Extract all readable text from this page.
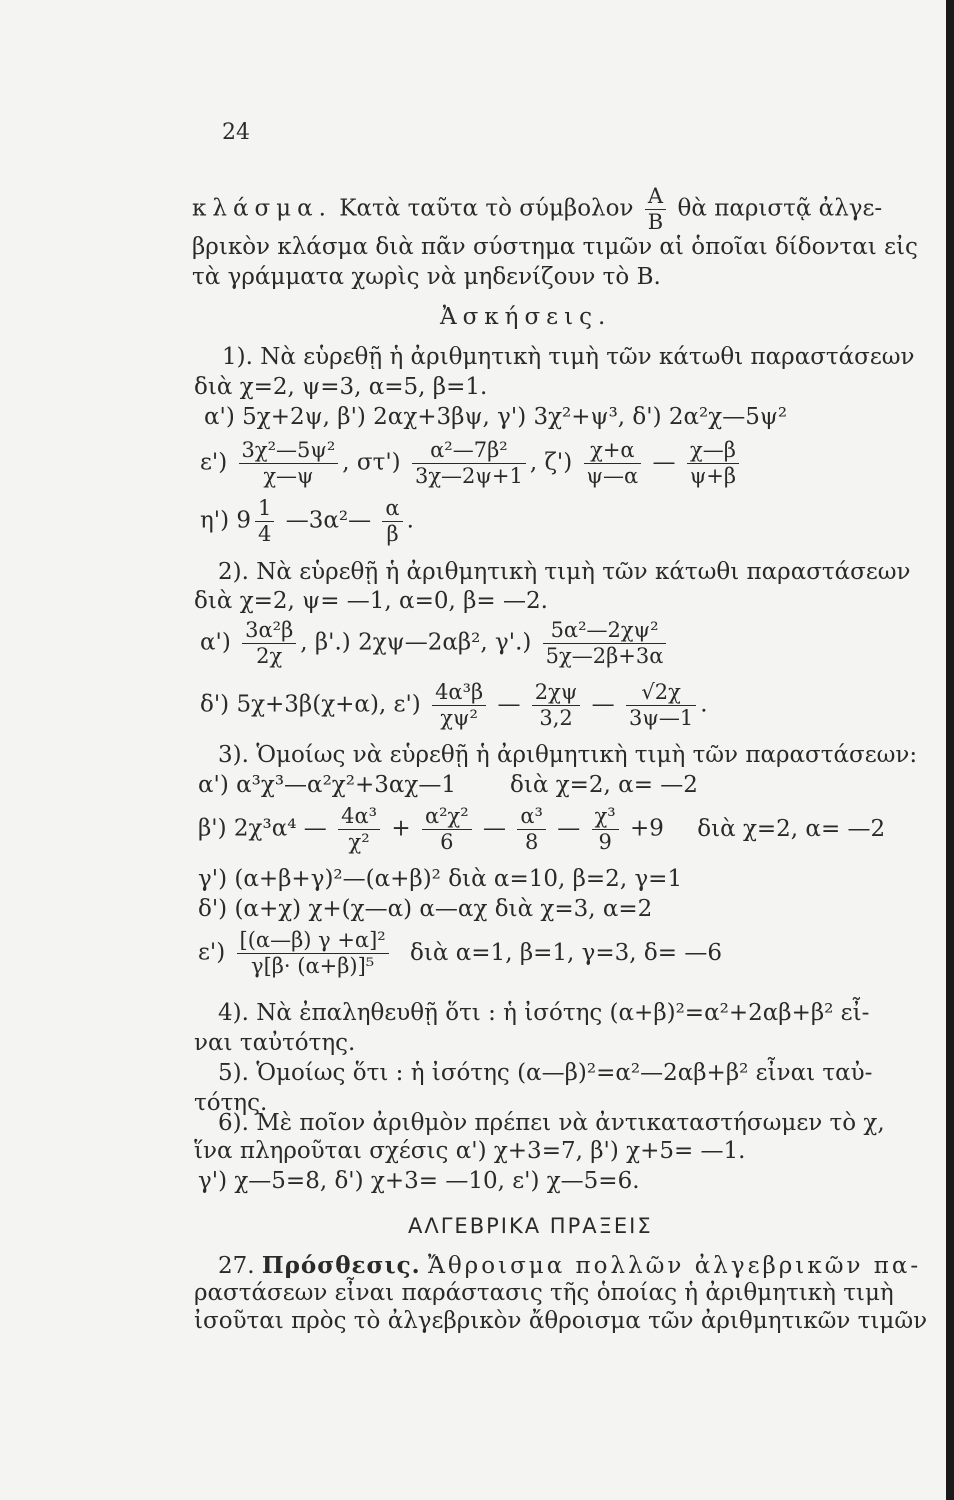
24
κλάσμα. Κατὰ ταῦτα τὸ σύμβολον $\frac{A}{B}$ θὰ παριστᾷ ἀλγε-
βρικὸν κλάσμα διὰ πᾶν σύστημα τιμῶν αἱ ὁποῖαι δίδονται εἰς
τὰ γράμματα χωρὶς νὰ μηδενίζουν τὸ B.
Ἀσκήσεις.
1). Νὰ εὑρεθῇ ἡ ἀριθμητικὴ τιμὴ τῶν κάτωθι παραστάσεων
διὰ χ=2, ψ=3, α=5, β=1.
α') 5χ+2ψ, β') 2αχ+3βψ, γ') 3χ²+ψ³, δ') 2α²χ—5ψ²
$\varepsilon') \frac{\text{3χ²—5ψ²}}{\chi—\psi}$ , $\sigma\tau') \frac{\text{α²—7β²}}{3\chi—2\psi+1}$ , $\zeta') \frac{\chi+\alpha}{\psi—\alpha}$ — $\frac{\chi—\beta}{\psi+\beta}$
η') $9 \frac{1}{4}$ —3α²— $\frac{\alpha}{\beta}$ .
2). Νὰ εὑρεθῇ ἡ ἀριθμητικὴ τιμὴ τῶν κάτωθι παραστάσεων
διὰ χ=2, ψ= —1, α=0, β= —2.
$\alpha') \frac{\text{3α²β}}{2\chi}$ , β'.) 2χψ—2αβ², $\gamma'.) \frac{\text{5α²—2χψ²}}{5\chi—2\beta+3\alpha}$
δ') 5χ+3β(χ+α), $\varepsilon') \frac{\text{4α³β}}{\text{χψ²}}$ — $\frac{2\chi\psi}{3,2}$ — $\frac{√2\chi}{3\psi—1}$ .
3). Ὁμοίως νὰ εὑρεθῇ ἡ ἀριθμητικὴ τιμὴ τῶν παραστάσεων:
α') α³χ³—α²χ²+3αχ—1 διὰ χ=2, α= —2
β') 2χ³α⁴ — $\frac{\text{4α³}}{\text{χ²}} + \frac{\text{α²χ²}}{6}$ — $\frac{\text{α³}}{8}$ — $\frac{\text{χ³}}{9} +9$ διὰ χ=2, α= —2
γ') (α+β+γ)²—(α+β)² διὰ α=10, β=2, γ=1
δ') (α+χ) χ+(χ—α) α—αχ διὰ χ=3, α=2
$\varepsilon') \frac{\text{[(α—β) γ +α]²}}{\text{γ[β· (α+β)]⁵}}$ διὰ α=1, β=1, γ=3, δ= —6
4). Νὰ ἐπαληθευθῇ ὅτι : ἡ ἰσότης (α+β)²=α²+2αβ+β² εἶ-
ναι ταὐτότης.
5). Ὁμοίως ὅτι : ἡ ἰσότης (α—β)²=α²—2αβ+β² εἶναι ταὐ-
τότης.
6). Μὲ ποῖον ἀριθμὸν πρέπει νὰ ἀντικαταστήσωμεν τὸ χ,
ἵνα πληροῦται σχέσις α') χ+3=7, β') χ+5= —1.
γ') χ—5=8, δ') χ+3= —10, ε') χ—5=6.
ΑΛΓΕΒΡΙΚΑ ΠΡΑΞΕΙΣ
27. Πρόσθεσις. Ἄθροισμα πολλῶν ἀλγεβρικῶν πα-
ραστάσεων εἶναι παράστασις τῆς ὁποίας ἡ ἀριθμητικὴ τιμὴ
ἰσοῦται πρὸς τὸ ἀλγεβρικὸν ἄθροισμα τῶν ἀριθμητικῶν τιμῶν
